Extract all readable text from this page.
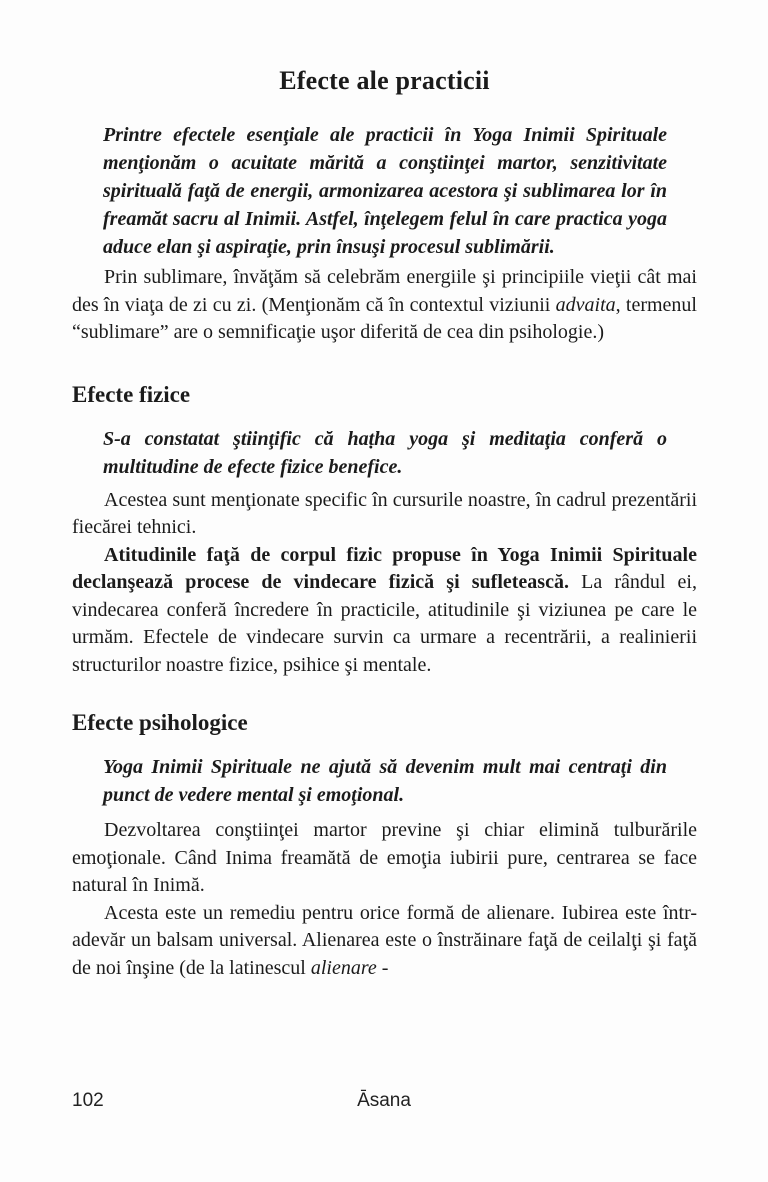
Efecte ale practicii

Printre efectele esenţiale ale practicii în Yoga Inimii Spirituale menţionăm o acuitate mărită a conştiinţei martor, senzitivitate spirituală faţă de energii, armonizarea acestora şi sublimarea lor în freamăt sacru al Inimii. Astfel, înţelegem felul în care practica yoga aduce elan şi aspiraţie, prin însuşi procesul sublimării.

Prin sublimare, învăţăm să celebrăm energiile şi principiile vieţii cât mai des în viaţa de zi cu zi. (Menţionăm că în contextul viziunii advaita, termenul “sublimare” are o semnificaţie uşor diferită de cea din psihologie.)

Efecte fizice

S-a constatat ştiinţific că haṭha yoga şi meditaţia conferă o multitudine de efecte fizice benefice.

Acestea sunt menţionate specific în cursurile noastre, în cadrul prezentării fiecărei tehnici.

Atitudinile faţă de corpul fizic propuse în Yoga Inimii Spirituale declanşează procese de vindecare fizică şi sufletească. La rândul ei, vindecarea conferă încredere în practicile, atitudinile şi viziunea pe care le urmăm. Efectele de vindecare survin ca urmare a recentrării, a realinierii structurilor noastre fizice, psihice şi mentale.

Efecte psihologice

Yoga Inimii Spirituale ne ajută să devenim mult mai centraţi din punct de vedere mental şi emoţional.

Dezvoltarea conştiinţei martor previne şi chiar elimină tulburările emoţionale. Când Inima freamătă de emoţia iubirii pure, centrarea se face natural în Inimă.

Acesta este un remediu pentru orice formă de alienare. Iubirea este într-adevăr un balsam universal. Alienarea este o înstrăinare faţă de ceilalţi şi faţă de noi înşine (de la latinescul alienare -

102	Āsana
